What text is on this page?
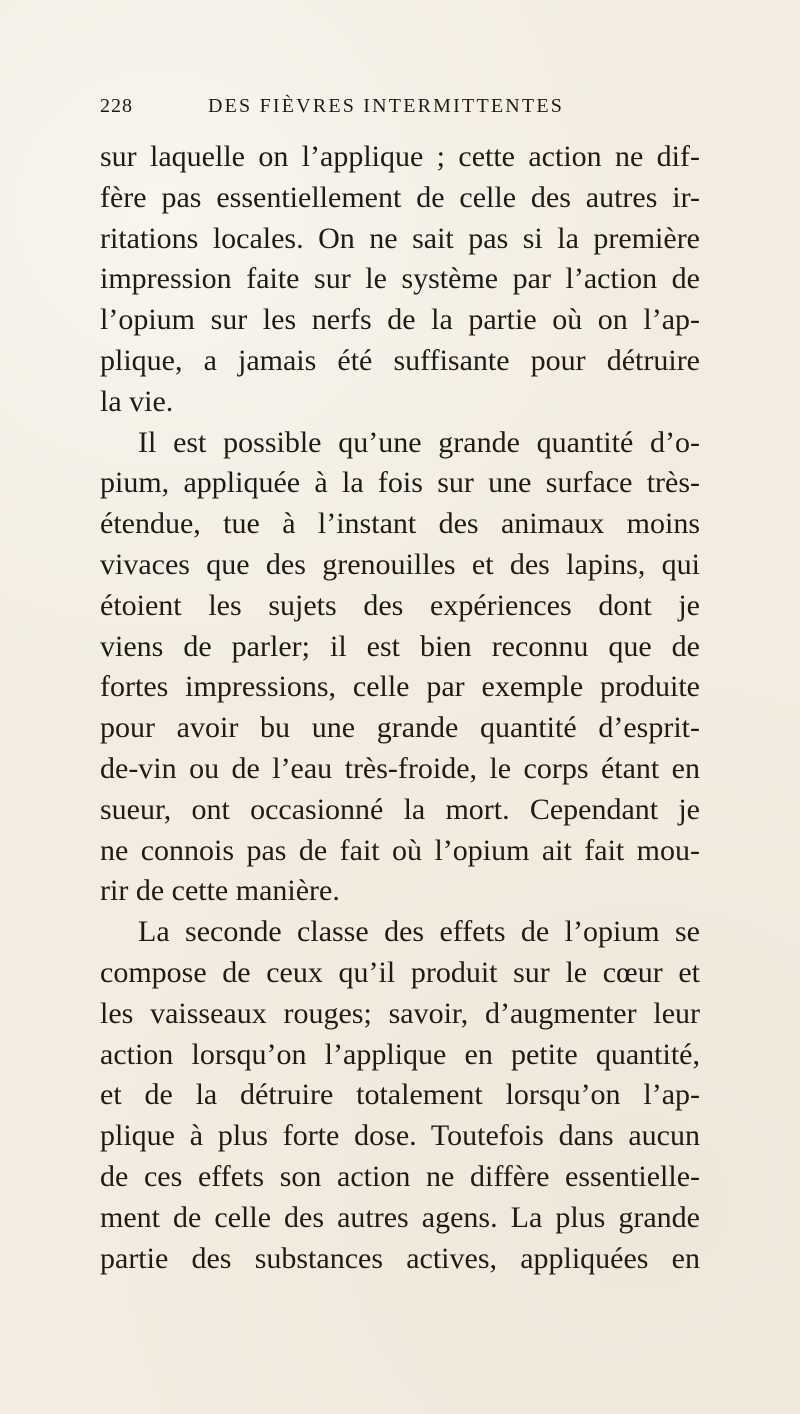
228	DES FIÈVRES INTERMITTENTES
sur laquelle on l’applique ; cette action ne dif-
fère pas essentiellement de celle des autres ir-
ritations locales. On ne sait pas si la première
impression faite sur le système par l’action de
l’opium sur les nerfs de la partie où on l’ap-
plique, a jamais été suffisante pour détruire
la vie.
Il est possible qu’une grande quantité d’o-
pium, appliquée à la fois sur une surface très-
étendue, tue à l’instant des animaux moins
vivaces que des grenouilles et des lapins, qui
étoient les sujets des expériences dont je
viens de parler; il est bien reconnu que de
fortes impressions, celle par exemple produite
pour avoir bu une grande quantité d’esprit-
de-vin ou de l’eau très-froide, le corps étant en
sueur, ont occasionné la mort. Cependant je
ne connois pas de fait où l’opium ait fait mou-
rir de cette manière.
La seconde classe des effets de l’opium se
compose de ceux qu’il produit sur le cœur et
les vaisseaux rouges; savoir, d’augmenter leur
action lorsqu’on l’applique en petite quantité,
et de la détruire totalement lorsqu’on l’ap-
plique à plus forte dose. Toutefois dans aucun
de ces effets son action ne diffère essentielle-
ment de celle des autres agens. La plus grande
partie des substances actives, appliquées en
